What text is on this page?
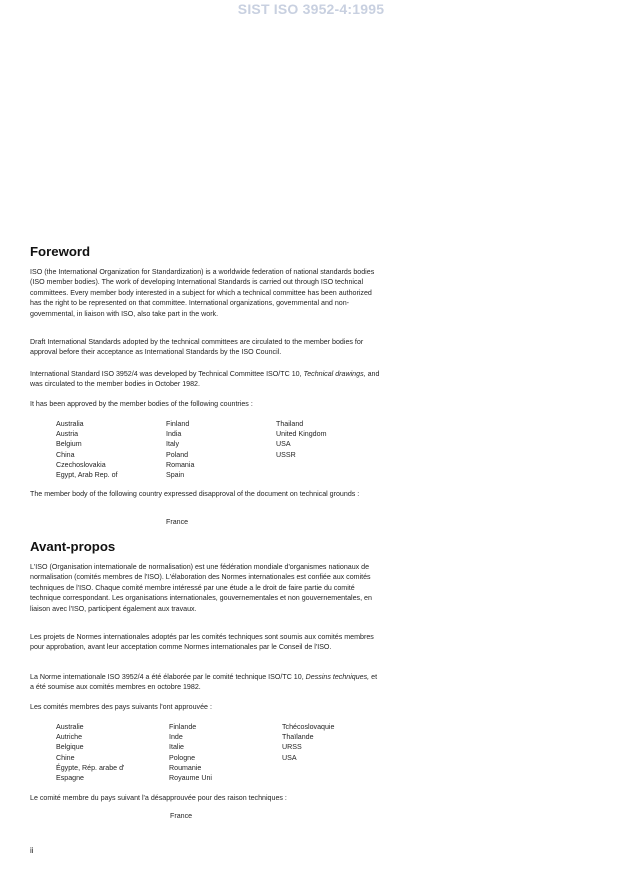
SIST ISO 3952-4:1995
Foreword

ISO (the International Organization for Standardization) is a worldwide federation of national standards bodies (ISO member bodies). The work of developing International Standards is carried out through ISO technical committees. Every member body interested in a subject for which a technical committee has been authorized has the right to be represented on that committee. International organizations, governmental and non-governmental, in liaison with ISO, also take part in the work.

Draft International Standards adopted by the technical committees are circulated to the member bodies for approval before their acceptance as International Standards by the ISO Council.

International Standard ISO 3952/4 was developed by Technical Committee ISO/TC 10, Technical drawings, and was circulated to the member bodies in October 1982.

It has been approved by the member bodies of the following countries :

Australia
Austria
Belgium
China
Czechoslovakia
Egypt, Arab Rep. of
Finland
India
Italy
Poland
Romania
Spain
Thailand
United Kingdom
USA
USSR

The member body of the following country expressed disapproval of the document on technical grounds :

France
Avant-propos

L'ISO (Organisation internationale de normalisation) est une fédération mondiale d'organismes nationaux de normalisation (comités membres de l'ISO). L'élaboration des Normes internationales est confiée aux comités techniques de l'ISO. Chaque comité membre intéressé par une étude a le droit de faire partie du comité technique correspondant. Les organisations internationales, gouvernementales et non gouvernementales, en liaison avec l'ISO, participent également aux travaux.

Les projets de Normes internationales adoptés par les comités techniques sont soumis aux comités membres pour approbation, avant leur acceptation comme Normes internationales par le Conseil de l'ISO.

La Norme internationale ISO 3952/4 a été élaborée par le comité technique ISO/TC 10, Dessins techniques, et a été soumise aux comités membres en octobre 1982.

Les comités membres des pays suivants l'ont approuvée :

Australie
Autriche
Belgique
Chine
Égypte, Rép. arabe d'
Espagne
Finlande
Inde
Italie
Pologne
Roumanie
Royaume Uni
Tchécoslovaquie
Thaïlande
URSS
USA

Le comité membre du pays suivant l'a désapprouvée pour des raison techniques :

France
ii
